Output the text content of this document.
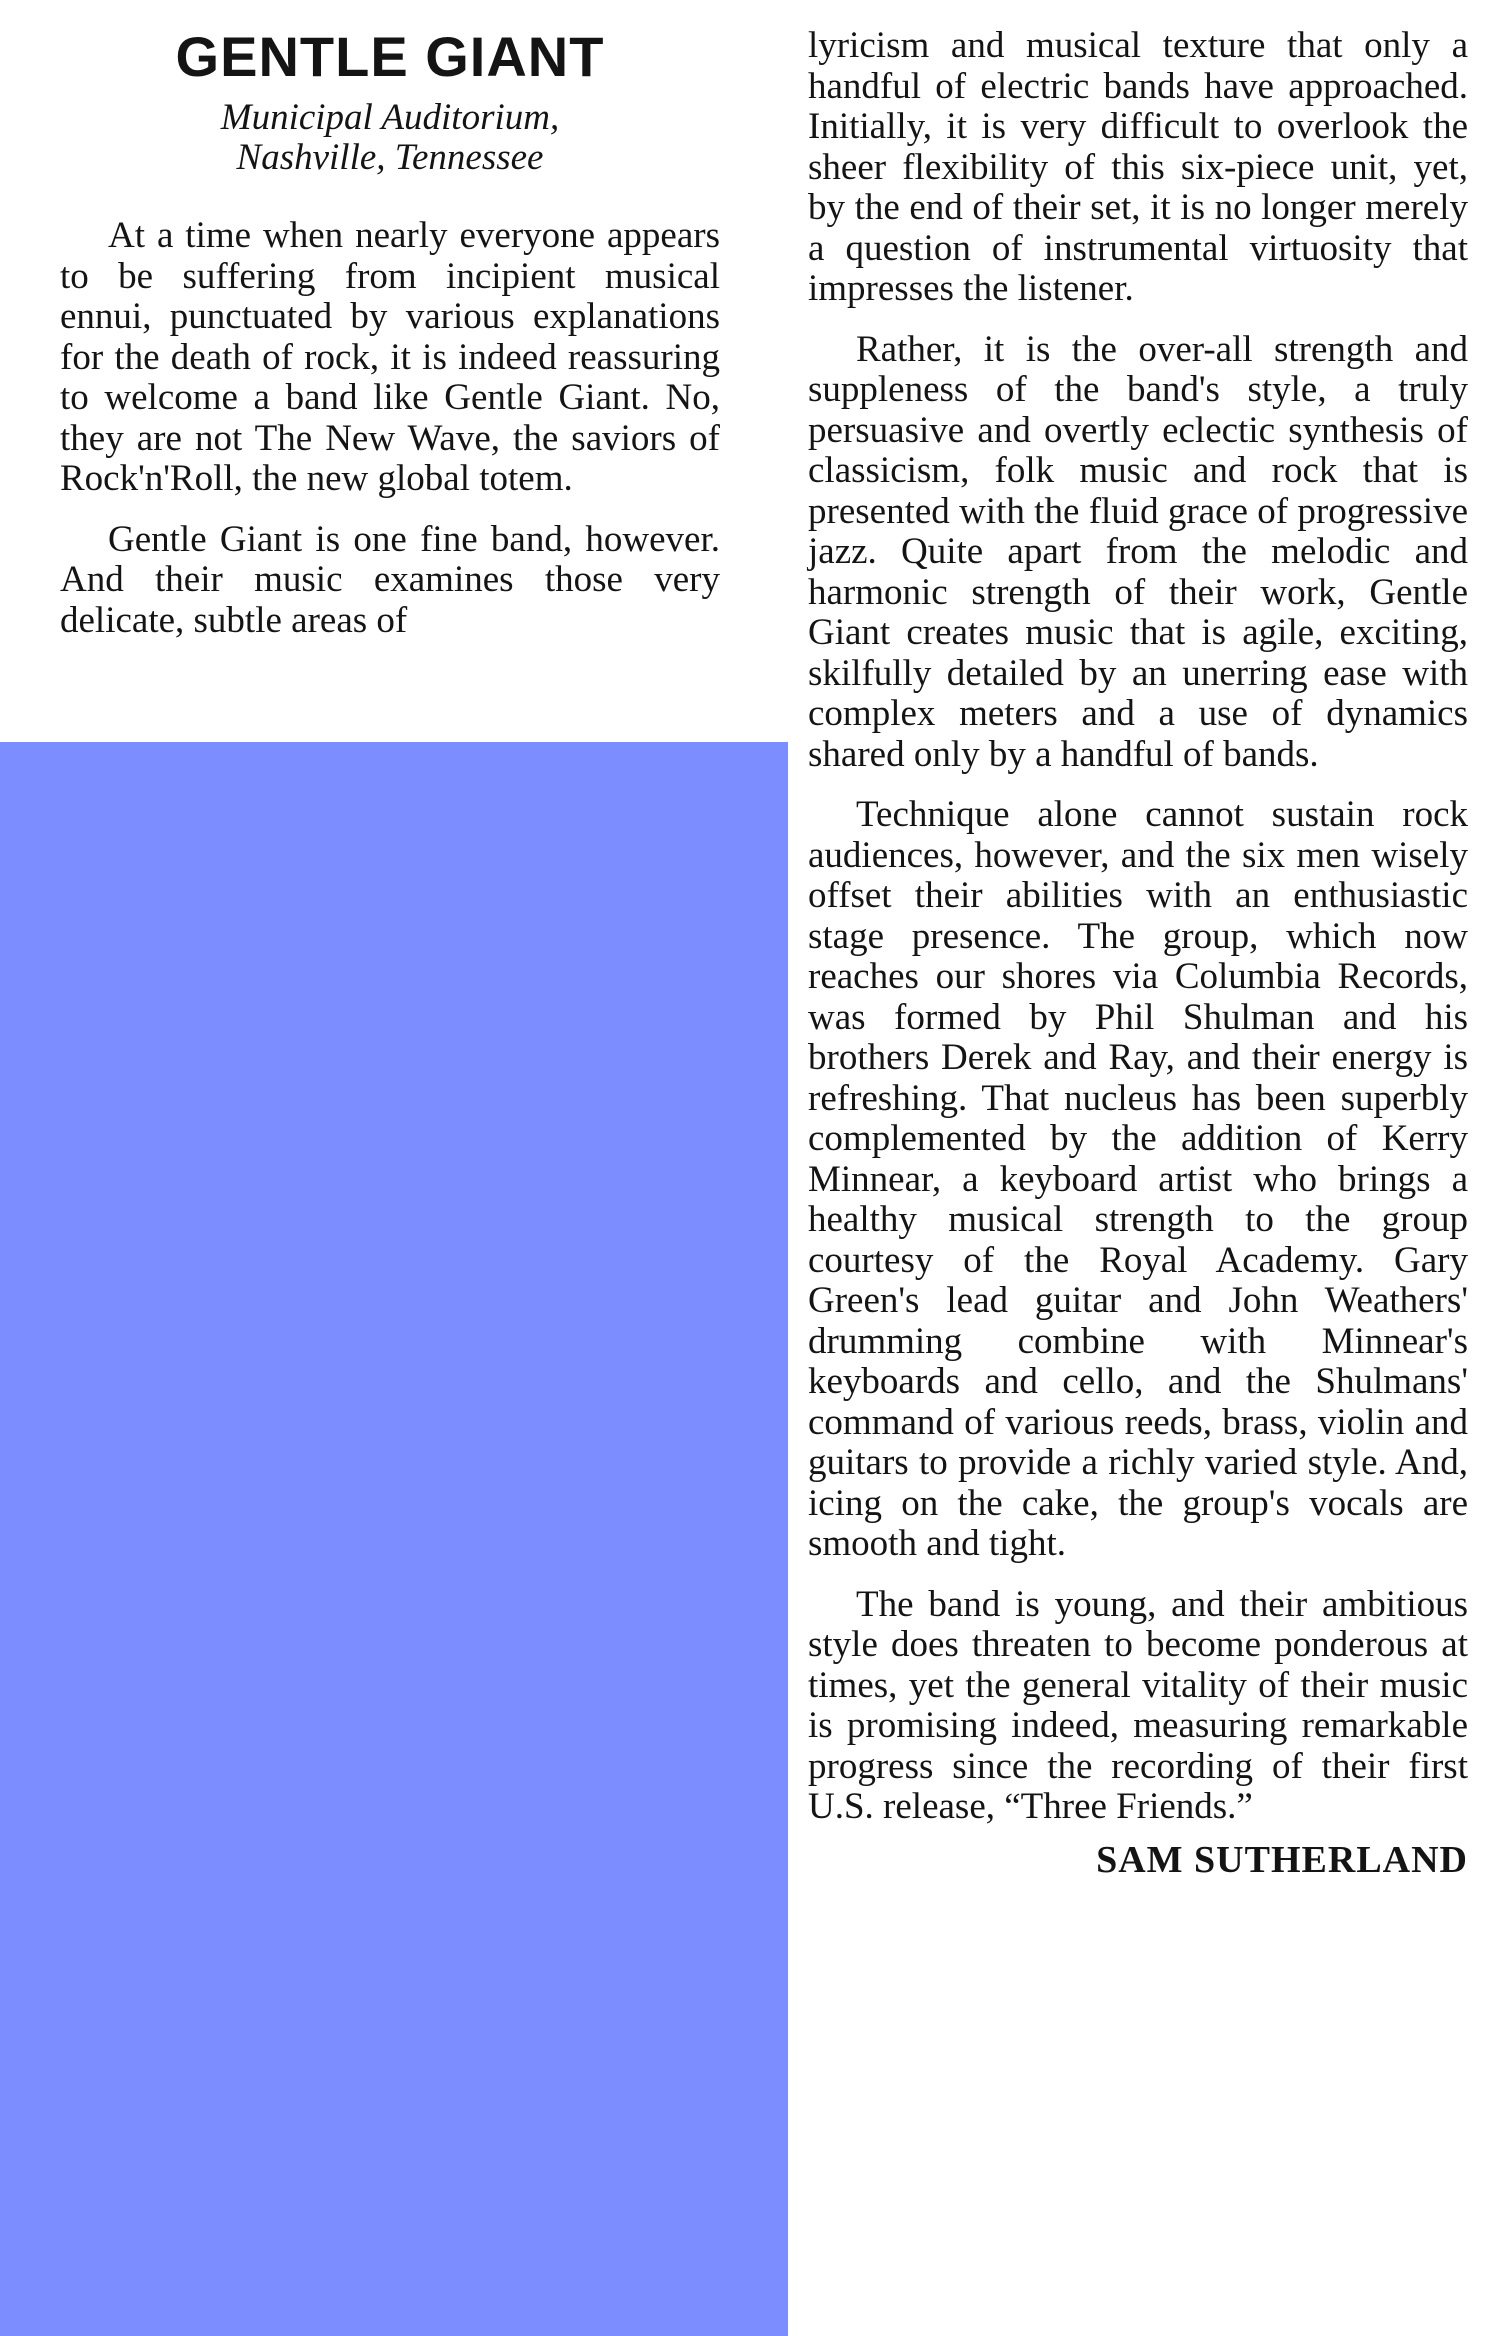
GENTLE GIANT
Municipal Auditorium,
Nashville, Tennessee

At a time when nearly everyone appears to be suffering from incipient musical ennui, punctuated by various explanations for the death of rock, it is indeed reassuring to welcome a band like Gentle Giant. No, they are not The New Wave, the saviors of Rock'n'Roll, the new global totem.

Gentle Giant is one fine band, however. And their music examines those very delicate, subtle areas of

lyricism and musical texture that only a handful of electric bands have approached. Initially, it is very difficult to overlook the sheer flexibility of this six-piece unit, yet, by the end of their set, it is no longer merely a question of instrumental virtuosity that impresses the listener.

Rather, it is the over-all strength and suppleness of the band's style, a truly persuasive and overtly eclectic synthesis of classicism, folk music and rock that is presented with the fluid grace of progressive jazz. Quite apart from the melodic and harmonic strength of their work, Gentle Giant creates music that is agile, exciting, skilfully detailed by an unerring ease with complex meters and a use of dynamics shared only by a handful of bands.

Technique alone cannot sustain rock audiences, however, and the six men wisely offset their abilities with an enthusiastic stage presence. The group, which now reaches our shores via Columbia Records, was formed by Phil Shulman and his brothers Derek and Ray, and their energy is refreshing. That nucleus has been superbly complemented by the addition of Kerry Minnear, a keyboard artist who brings a healthy musical strength to the group courtesy of the Royal Academy. Gary Green's lead guitar and John Weathers' drumming combine with Minnear's keyboards and cello, and the Shulmans' command of various reeds, brass, violin and guitars to provide a richly varied style. And, icing on the cake, the group's vocals are smooth and tight.

The band is young, and their ambitious style does threaten to become ponderous at times, yet the general vitality of their music is promising indeed, measuring remarkable progress since the recording of their first U.S. release, “Three Friends.”

SAM SUTHERLAND
